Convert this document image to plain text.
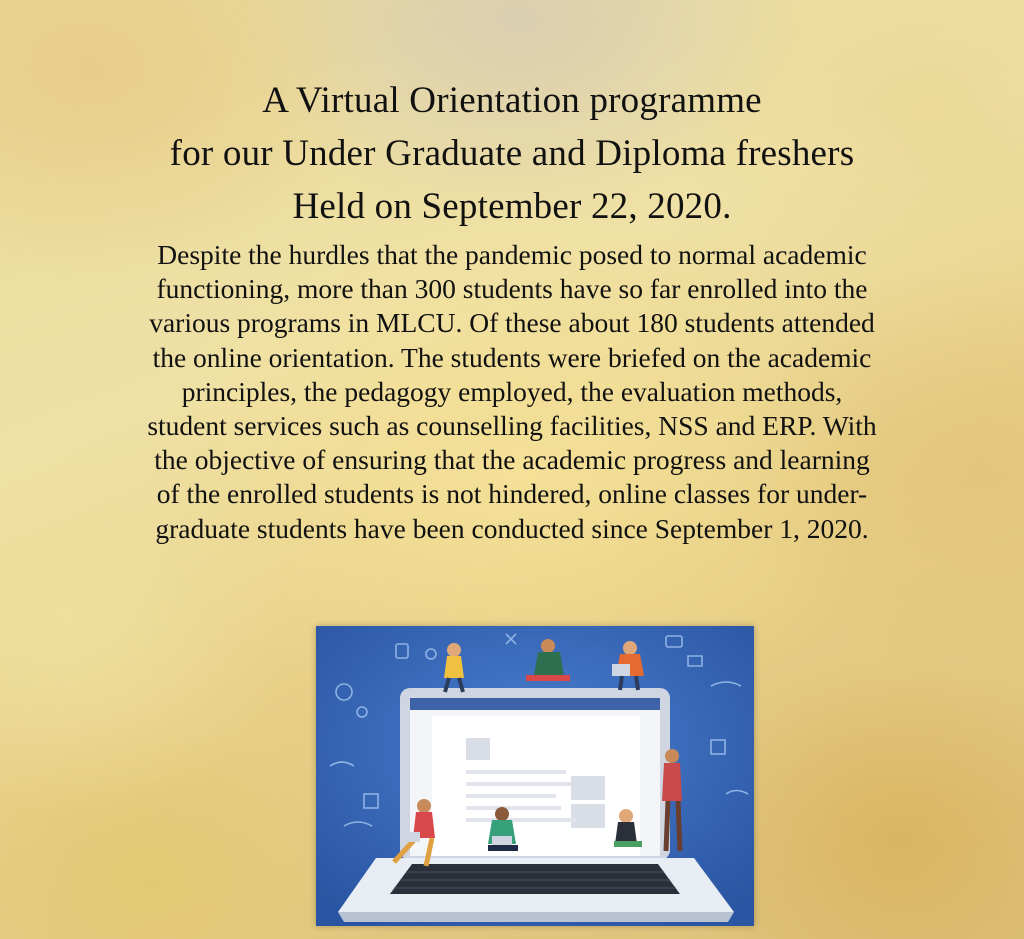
A Virtual Orientation programme
for our Under Graduate and Diploma freshers
Held on September 22, 2020.
Despite the hurdles that the pandemic posed to normal academic
functioning, more than 300 students have so far enrolled into the
various programs in MLCU. Of these about 180 students attended
the online orientation. The students were briefed on the academic
principles, the pedagogy employed, the evaluation methods,
student services such as counselling facilities, NSS and ERP. With
the objective of ensuring that the academic progress and learning
of the enrolled students is not hindered, online classes for under-
graduate students have been conducted since September 1, 2020.
